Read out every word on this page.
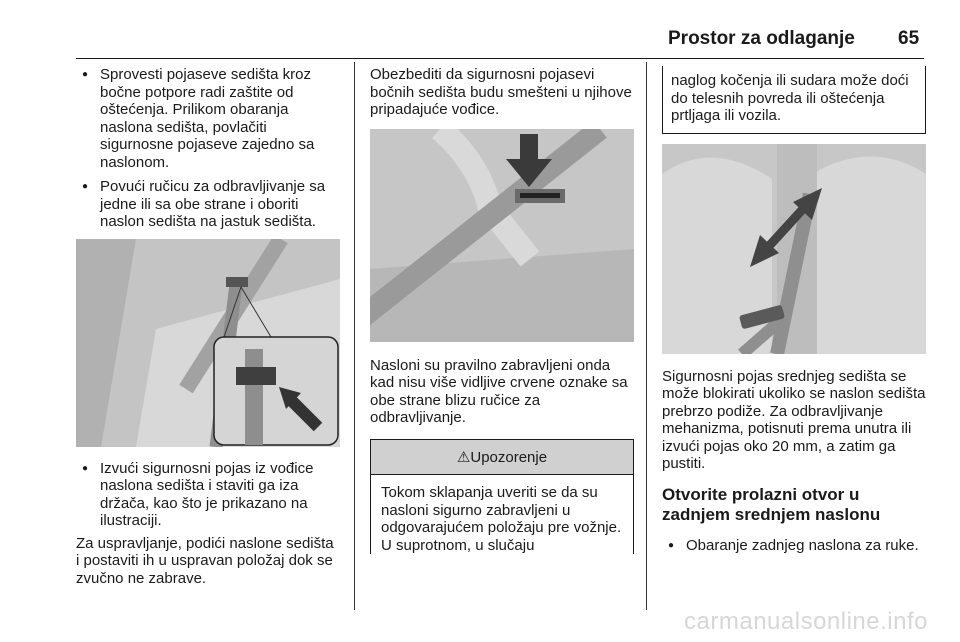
Prostor za odlaganje 65
● Sprovesti pojaseve sedišta kroz bočne potpore radi zaštite od oštećenja. Prilikom obaranja naslona sedišta, povlačiti sigurnosne pojaseve zajedno sa naslonom.
● Povući ručicu za odbravljivanje sa jedne ili sa obe strane i oboriti naslon sedišta na jastuk sedišta.
● Izvući sigurnosni pojas iz vođice naslona sedišta i staviti ga iza držača, kao što je prikazano na ilustraciji.
Za uspravljanje, podići naslone sedišta i postaviti ih u uspravan položaj dok se zvučno ne zabrave.
Obezbediti da sigurnosni pojasevi bočnih sedišta budu smešteni u njihove pripadajuće vođice.
Nasloni su pravilno zabravljeni onda kad nisu više vidljive crvene oznake sa obe strane blizu ručice za odbravljivanje.
⚠Upozorenje
Tokom sklapanja uveriti se da su nasloni sigurno zabravljeni u odgovarajućem položaju pre vožnje. U suprotnom, u slučaju
naglog kočenja ili sudara može doći do telesnih povreda ili oštećenja prtljaga ili vozila.
Sigurnosni pojas srednjeg sedišta se može blokirati ukoliko se naslon sedišta prebrzo podiže. Za odbravljivanje mehanizma, potisnuti prema unutra ili izvući pojas oko 20 mm, a zatim ga pustiti.
Otvorite prolazni otvor u zadnjem srednjem naslonu
● Obaranje zadnjeg naslona za ruke.
carmanualsonline.info
